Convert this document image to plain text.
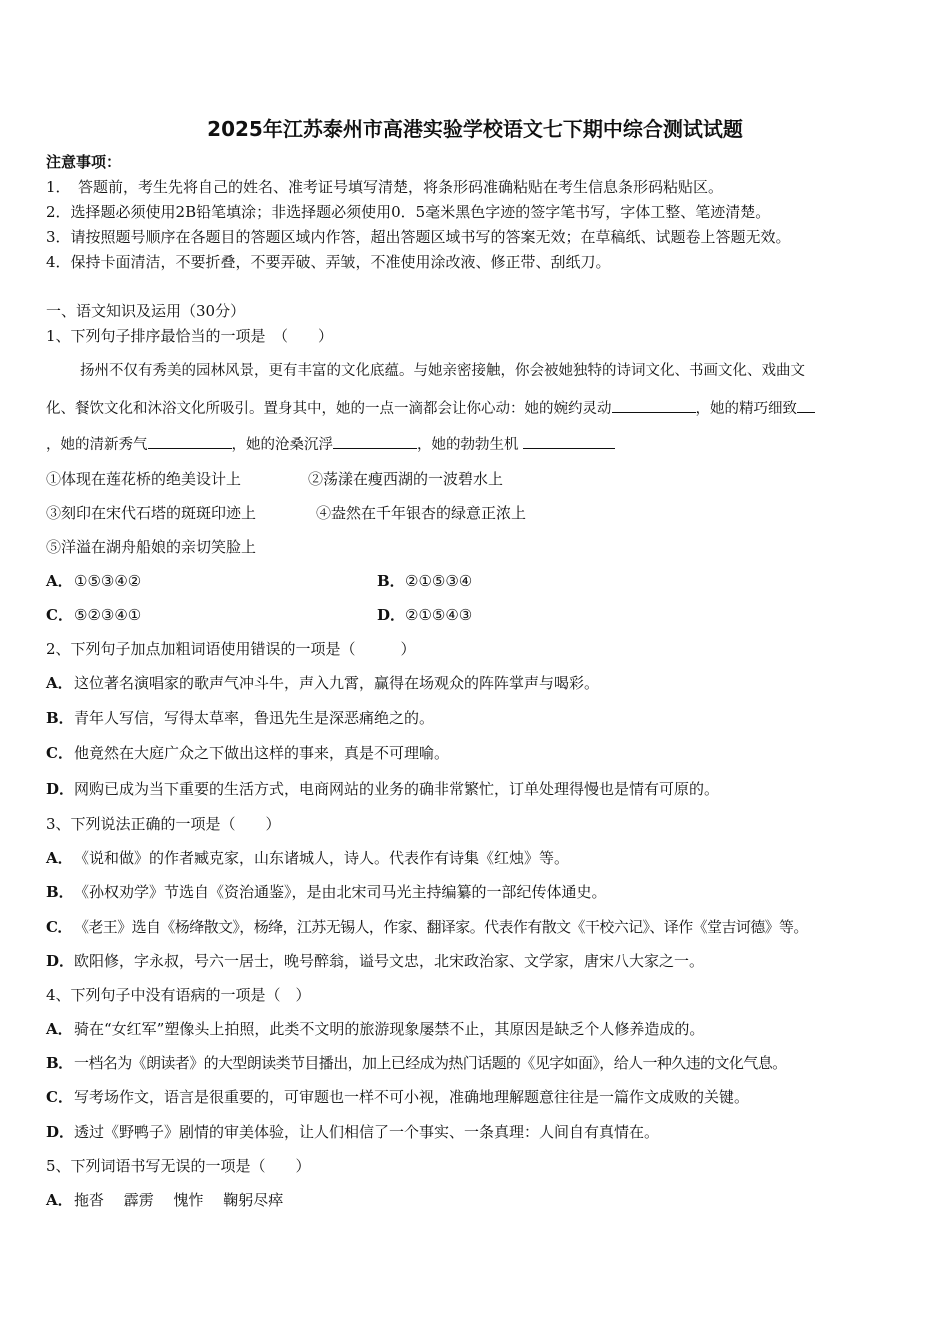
2025年江苏泰州市高港实验学校语文七下期中综合测试试题
注意事项：
1．　答题前，考生先将自己的姓名、准考证号填写清楚，将条形码准确粘贴在考生信息条形码粘贴区。
2．选择题必须使用2B铅笔填涂；非选择题必须使用0．5毫米黑色字迹的签字笔书写，字体工整、笔迹清楚。
3．请按照题号顺序在各题目的答题区域内作答，超出答题区域书写的答案无效；在草稿纸、试题卷上答题无效。
4．保持卡面清洁，不要折叠，不要弄破、弄皱，不准使用涂改液、修正带、刮纸刀。
一、语文知识及运用（30分）
1、下列句子排序最恰当的一项是　（　　）
扬州不仅有秀美的园林风景，更有丰富的文化底蕴。与她亲密接触，你会被她独特的诗词文化、书画文化、戏曲文
化、餐饮文化和沐浴文化所吸引。置身其中，她的一点一滴都会让你心动：她的婉约灵动	，她的精巧细致
，她的清新秀气	，她的沧桑沉浮	，她的勃勃生机
①体现在莲花桥的绝美设计上	②荡漾在瘦西湖的一波碧水上
③刻印在宋代石塔的斑斑印迹上	④盎然在千年银杏的绿意正浓上
⑤洋溢在湖舟船娘的亲切笑脸上
A．①⑤③④②	B．②①⑤③④
C．⑤②③④①	D．②①⑤④③
2、下列句子加点加粗词语使用错误的一项是（　　　）
A．这位著名演唱家的歌声气冲斗牛，声入九霄，赢得在场观众的阵阵掌声与喝彩。
B．青年人写信，写得太草率，鲁迅先生是深恶痛绝之的。
C．他竟然在大庭广众之下做出这样的事来，真是不可理喻。
D．网购已成为当下重要的生活方式，电商网站的业务的确非常繁忙，订单处理得慢也是情有可原的。
3、下列说法正确的一项是（　　）
A．《说和做》的作者臧克家，山东诸城人，诗人。代表作有诗集《红烛》等。
B．《孙权劝学》节选自《资治通鉴》，是由北宋司马光主持编纂的一部纪传体通史。
C． 《老王》选自《杨绛散文》，杨绛，江苏无锡人，作家、翻译家。代表作有散文《干校六记》、译作《堂吉诃德》等。
D．欧阳修，字永叔，号六一居士，晚号醉翁，谥号文忠，北宋政治家、文学家，唐宋八大家之一。
4、下列句子中没有语病的一项是（　）
A．骑在“女红军”塑像头上拍照，此类不文明的旅游现象屡禁不止，其原因是缺乏个人修养造成的。
B． 一档名为《朗读者》的大型朗读类节目播出，加上已经成为热门话题的《见字如面》，给人一种久违的文化气息。
C．写考场作文，语言是很重要的，可审题也一样不可小视，准确地理解题意往往是一篇作文成败的关键。
D．透过《野鸭子》剧情的审美体验，让人们相信了一个事实、一条真理：人间自有真情在。
5、下列词语书写无误的一项是（　　）
A．拖沓　 霹雳　 愧怍　 鞠躬尽瘁
